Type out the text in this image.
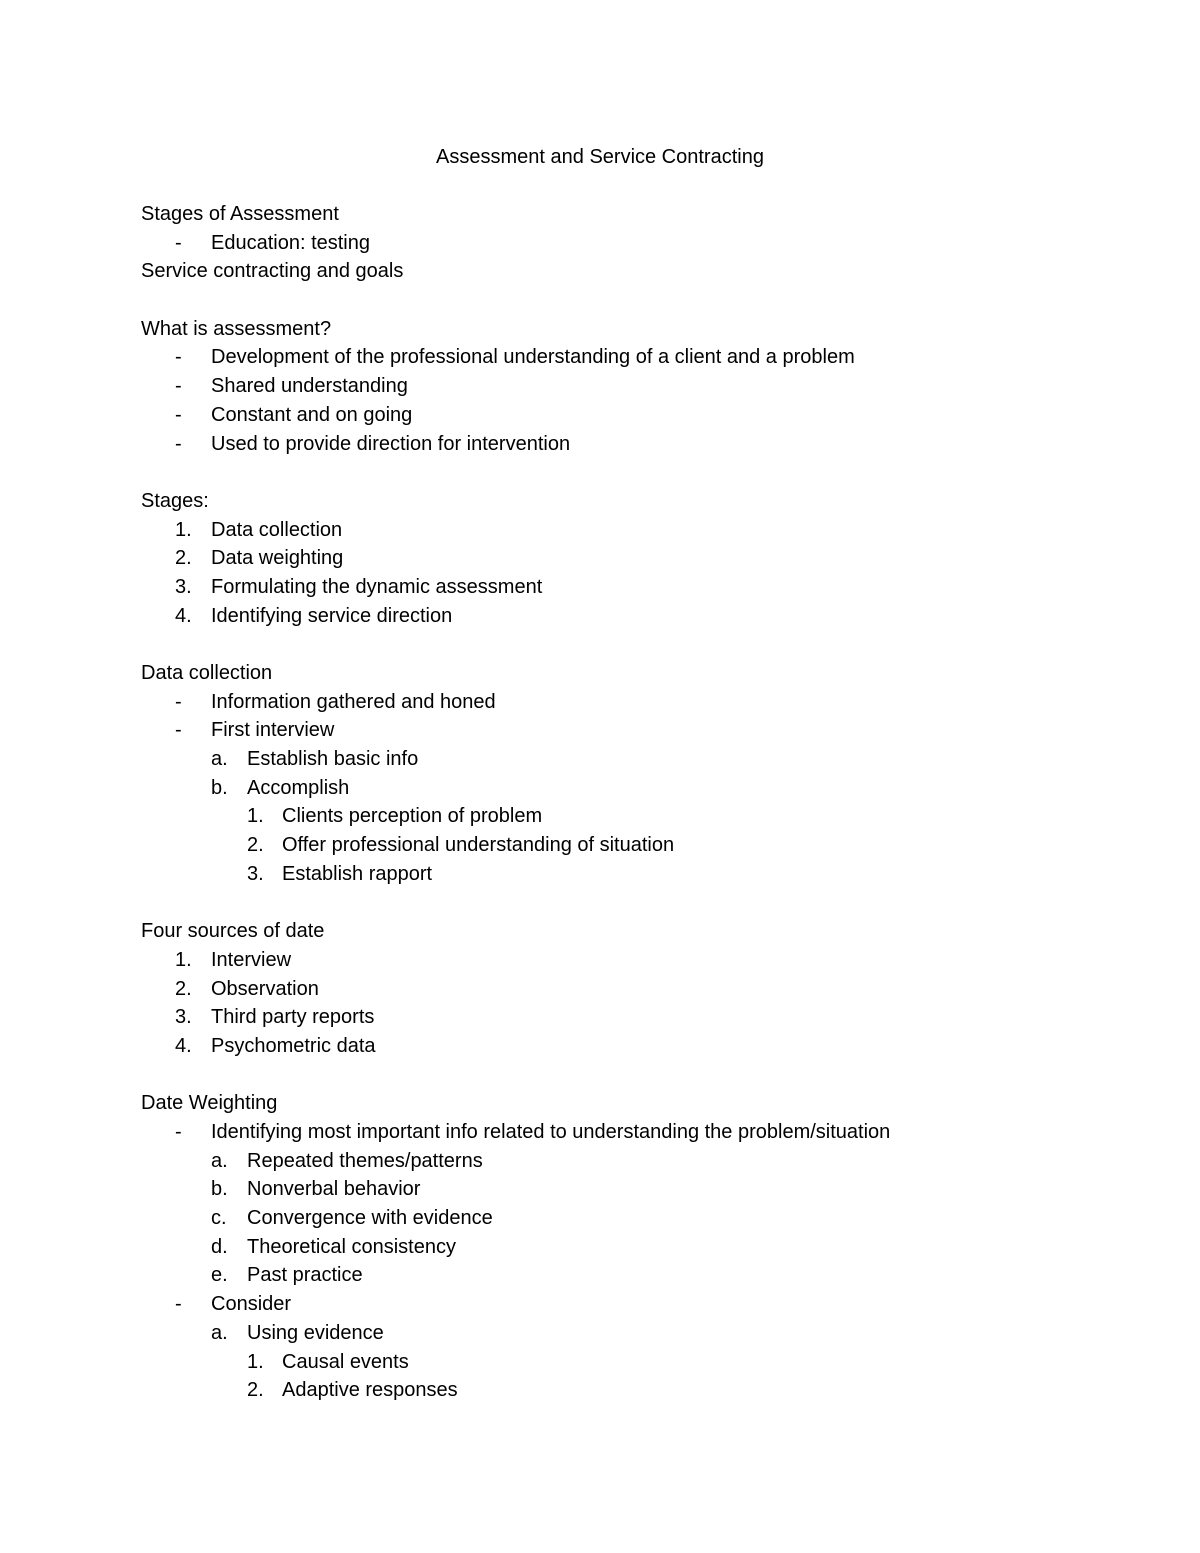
Assessment and Service Contracting
Stages of Assessment
- Education: testing
Service contracting and goals
What is assessment?
- Development of the professional understanding of a client and a problem
- Shared understanding
- Constant and on going
- Used to provide direction for intervention
Stages:
1. Data collection
2. Data weighting
3. Formulating the dynamic assessment
4. Identifying service direction
Data collection
- Information gathered and honed
- First interview
a. Establish basic info
b. Accomplish
1. Clients perception of problem
2. Offer professional understanding of situation
3. Establish rapport
Four sources of date
1. Interview
2. Observation
3. Third party reports
4. Psychometric data
Date Weighting
- Identifying most important info related to understanding the problem/situation
a. Repeated themes/patterns
b. Nonverbal behavior
c. Convergence with evidence
d. Theoretical consistency
e. Past practice
- Consider
a. Using evidence
1. Causal events
2. Adaptive responses
